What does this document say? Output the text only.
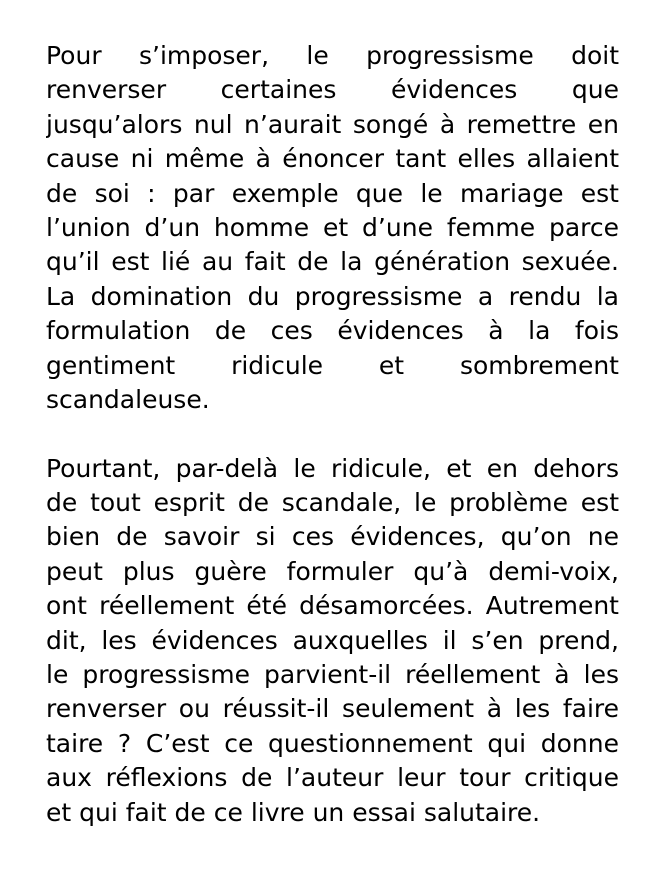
Pour s’imposer, le progressisme doit
renverser certaines évidences que
jusqu’alors nul n’aurait songé à remettre en
cause ni même à énoncer tant elles allaient
de soi : par exemple que le mariage est
l’union d’un homme et d’une femme parce
qu’il est lié au fait de la génération sexuée.
La domination du progressisme a rendu la
formulation de ces évidences à la fois
gentiment ridicule et sombrement
scandaleuse.
Pourtant, par-delà le ridicule, et en dehors
de tout esprit de scandale, le problème est
bien de savoir si ces évidences, qu’on ne
peut plus guère formuler qu’à demi-voix,
ont réellement été désamorcées. Autrement
dit, les évidences auxquelles il s’en prend,
le progressisme parvient-il réellement à les
renverser ou réussit-il seulement à les faire
taire ? C’est ce questionnement qui donne
aux réflexions de l’auteur leur tour critique
et qui fait de ce livre un essai salutaire.
